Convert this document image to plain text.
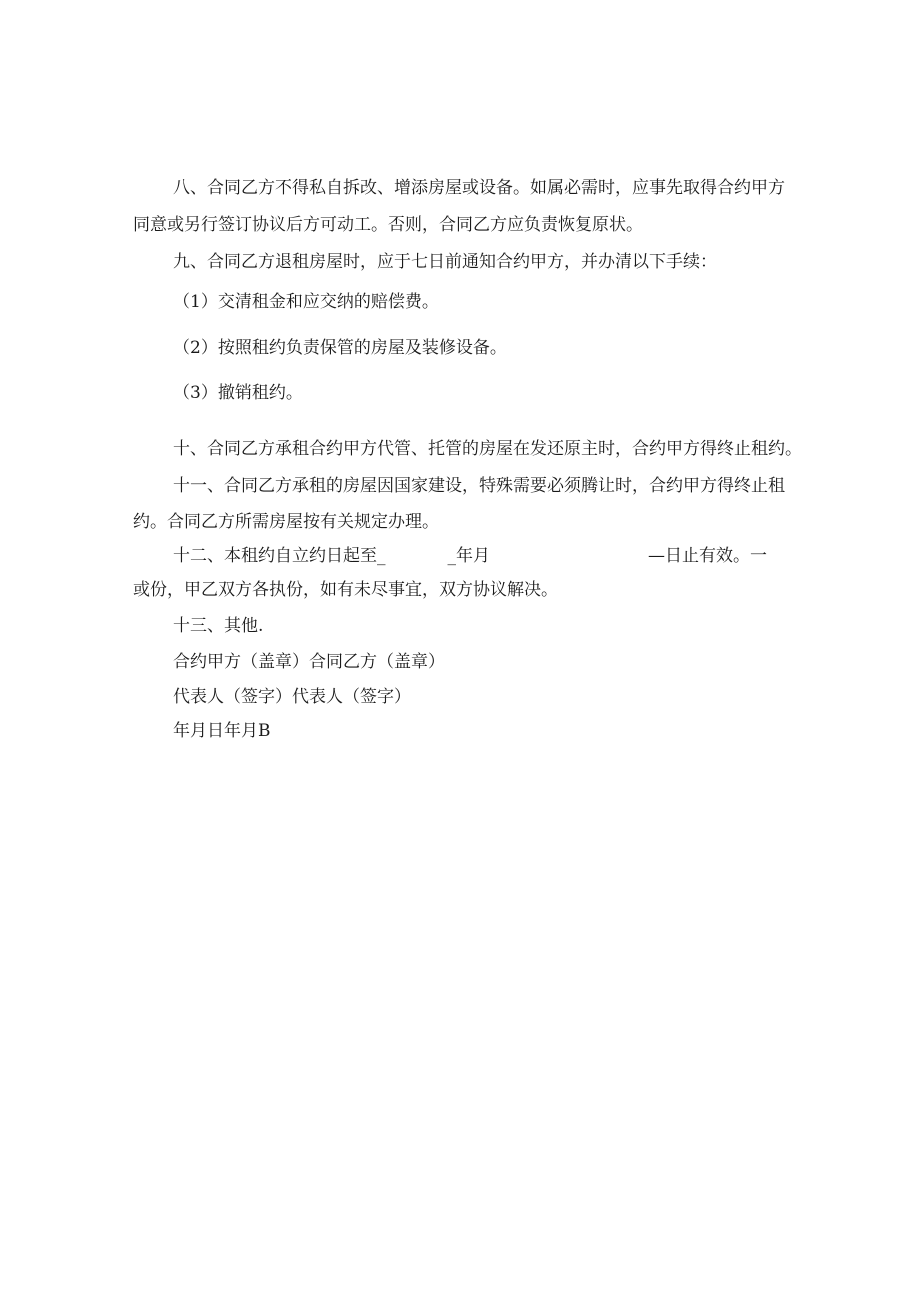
八、合同乙方不得私自拆改、增添房屋或设备。如属必需时，应事先取得合约甲方
同意或另行签订协议后方可动工。否则，合同乙方应负责恢复原状。
九、合同乙方退租房屋时，应于七日前通知合约甲方，并办清以下手续：
（1）交清租金和应交纳的赔偿费。
（2）按照租约负责保管的房屋及装修设备。
（3）撤销租约。
十、合同乙方承租合约甲方代管、托管的房屋在发还原主时，合约甲方得终止租约。
十一、合同乙方承租的房屋因国家建设，特殊需要必须腾让时，合约甲方得终止租
约。合同乙方所需房屋按有关规定办理。
十二、本租约自立约日起至_	_年月	—日止有效。一
或份，甲乙双方各执份，如有未尽事宜，双方协议解决。
十三、其他.
合约甲方（盖章）合同乙方（盖章）
代表人（签字）代表人（签字）
年月日年月B
